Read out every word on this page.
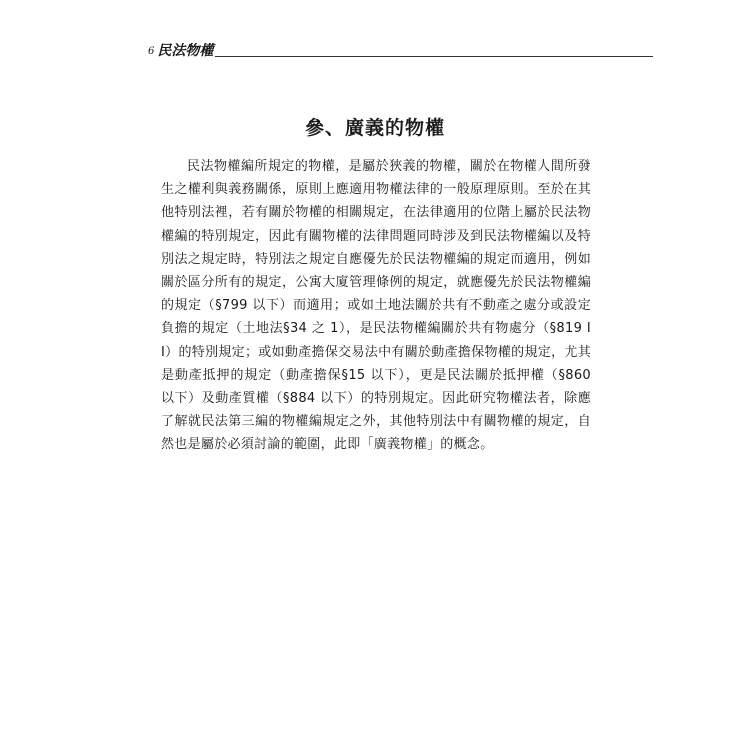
6 民法物權
參、廣義的物權

民法物權編所規定的物權，是屬於狹義的物權，關於在物權人間所發生之權利與義務關係，原則上應適用物權法律的一般原理原則。至於在其他特別法裡，若有關於物權的相關規定，在法律適用的位階上屬於民法物權編的特別規定，因此有關物權的法律問題同時涉及到民法物權編以及特別法之規定時，特別法之規定自應優先於民法物權編的規定而適用，例如關於區分所有的規定，公寓大廈管理條例的規定，就應優先於民法物權編的規定（§799 以下）而適用；或如土地法關於共有不動產之處分或設定負擔的規定（土地法§34 之 1），是民法物權編關於共有物處分（§819 II）的特別規定；或如動產擔保交易法中有關於動產擔保物權的規定，尤其是動產抵押的規定（動產擔保§15 以下），更是民法關於抵押權（§860 以下）及動產質權（§884 以下）的特別規定。因此研究物權法者，除應了解就民法第三編的物權編規定之外，其他特別法中有關物權的規定，自然也是屬於必須討論的範圍，此即「廣義物權」的概念。
